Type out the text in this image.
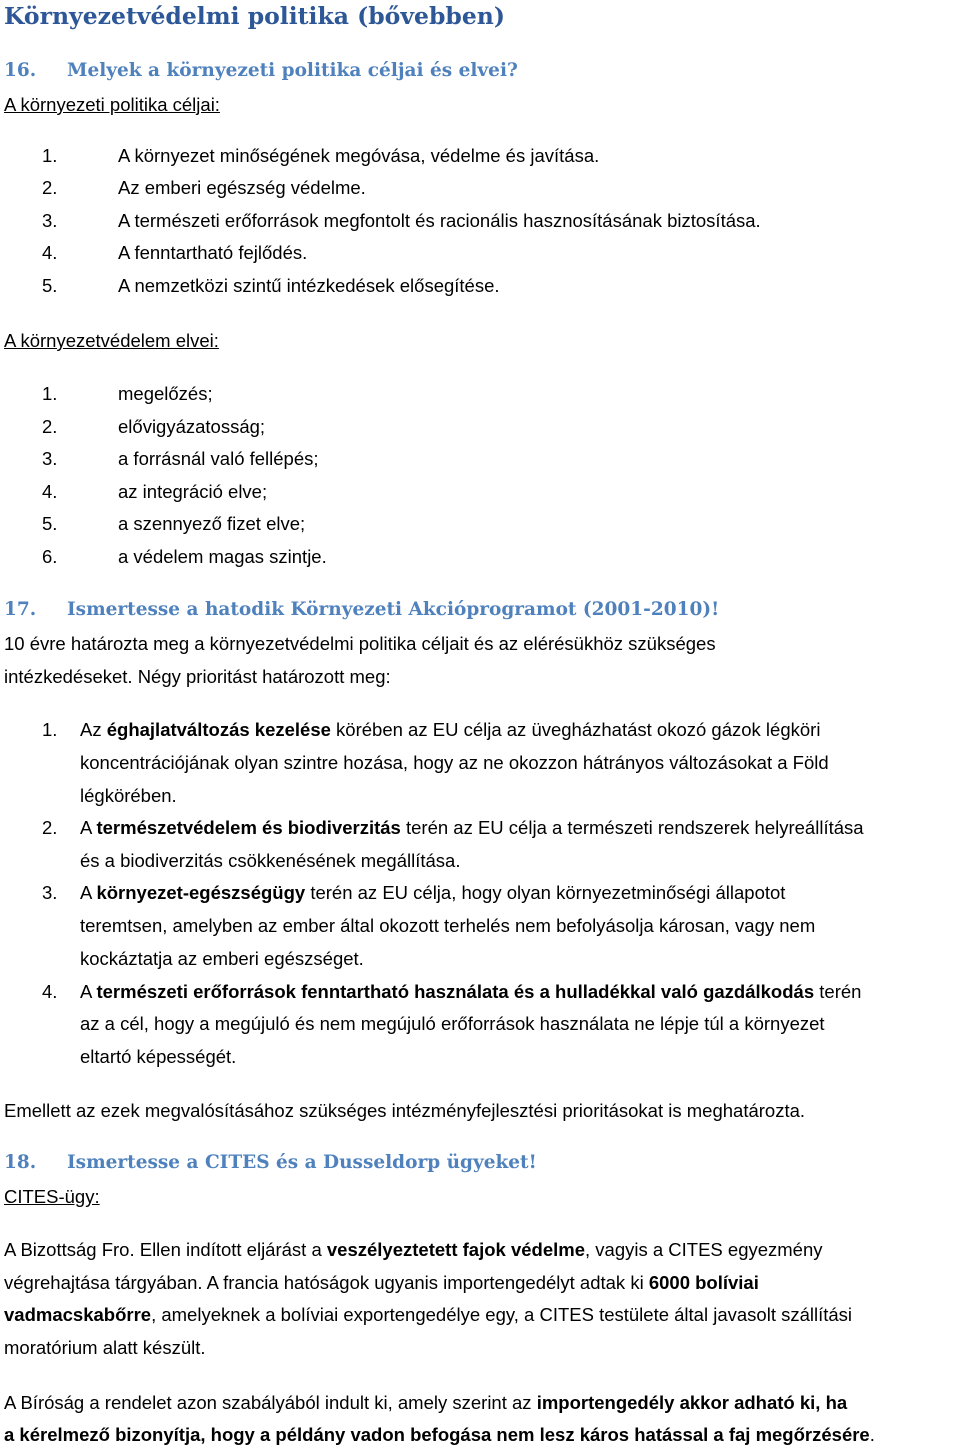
Környezetvédelmi politika (bővebben)
16. Melyek a környezeti politika céljai és elvei?
A környezeti politika céljai:
1.	A környezet minőségének megóvása, védelme és javítása.
2.	Az emberi egészség védelme.
3.	A természeti erőforrások megfontolt és racionális hasznosításának biztosítása.
4.	A fenntartható fejlődés.
5.	A nemzetközi szintű intézkedések elősegítése.
A környezetvédelem elvei:
1.	megelőzés;
2.	elővigyázatosság;
3.	a forrásnál való fellépés;
4.	az integráció elve;
5.	a szennyező fizet elve;
6.	a védelem magas szintje.
17. Ismertesse a hatodik Környezeti Akcióprogramot (2001-2010)!
10 évre határozta meg a környezetvédelmi politika céljait és az elérésükhöz szükséges
intézkedéseket. Négy prioritást határozott meg:
1. Az éghajlatváltozás kezelése körében az EU célja az üvegházhatást okozó gázok légköri
koncentrációjának olyan szintre hozása, hogy az ne okozzon hátrányos változásokat a Föld
légkörében.
2. A természetvédelem és biodiverzitás terén az EU célja a természeti rendszerek helyreállítása
és a biodiverzitás csökkenésének megállítása.
3. A környezet-egészségügy terén az EU célja, hogy olyan környezetminőségi állapotot
teremtsen, amelyben az ember által okozott terhelés nem befolyásolja károsan, vagy nem
kockáztatja az emberi egészséget.
4. A természeti erőforrások fenntartható használata és a hulladékkal való gazdálkodás terén
az a cél, hogy a megújuló és nem megújuló erőforrások használata ne lépje túl a környezet
eltartó képességét.
Emellett az ezek megvalósításához szükséges intézményfejlesztési prioritásokat is meghatározta.
18. Ismertesse a CITES és a Dusseldorp ügyeket!
CITES-ügy:
A Bizottság Fro. Ellen indított eljárást a veszélyeztetett fajok védelme, vagyis a CITES egyezmény
végrehajtása tárgyában. A francia hatóságok ugyanis importengedélyt adtak ki 6000 bolíviai
vadmacskabőrre, amelyeknek a bolíviai exportengedélye egy, a CITES testülete által javasolt szállítási
moratórium alatt készült.
A Bíróság a rendelet azon szabályából indult ki, amely szerint az importengedély akkor adható ki, ha
a kérelmező bizonyítja, hogy a példány vadon befogása nem lesz káros hatással a faj megőrzésére.
